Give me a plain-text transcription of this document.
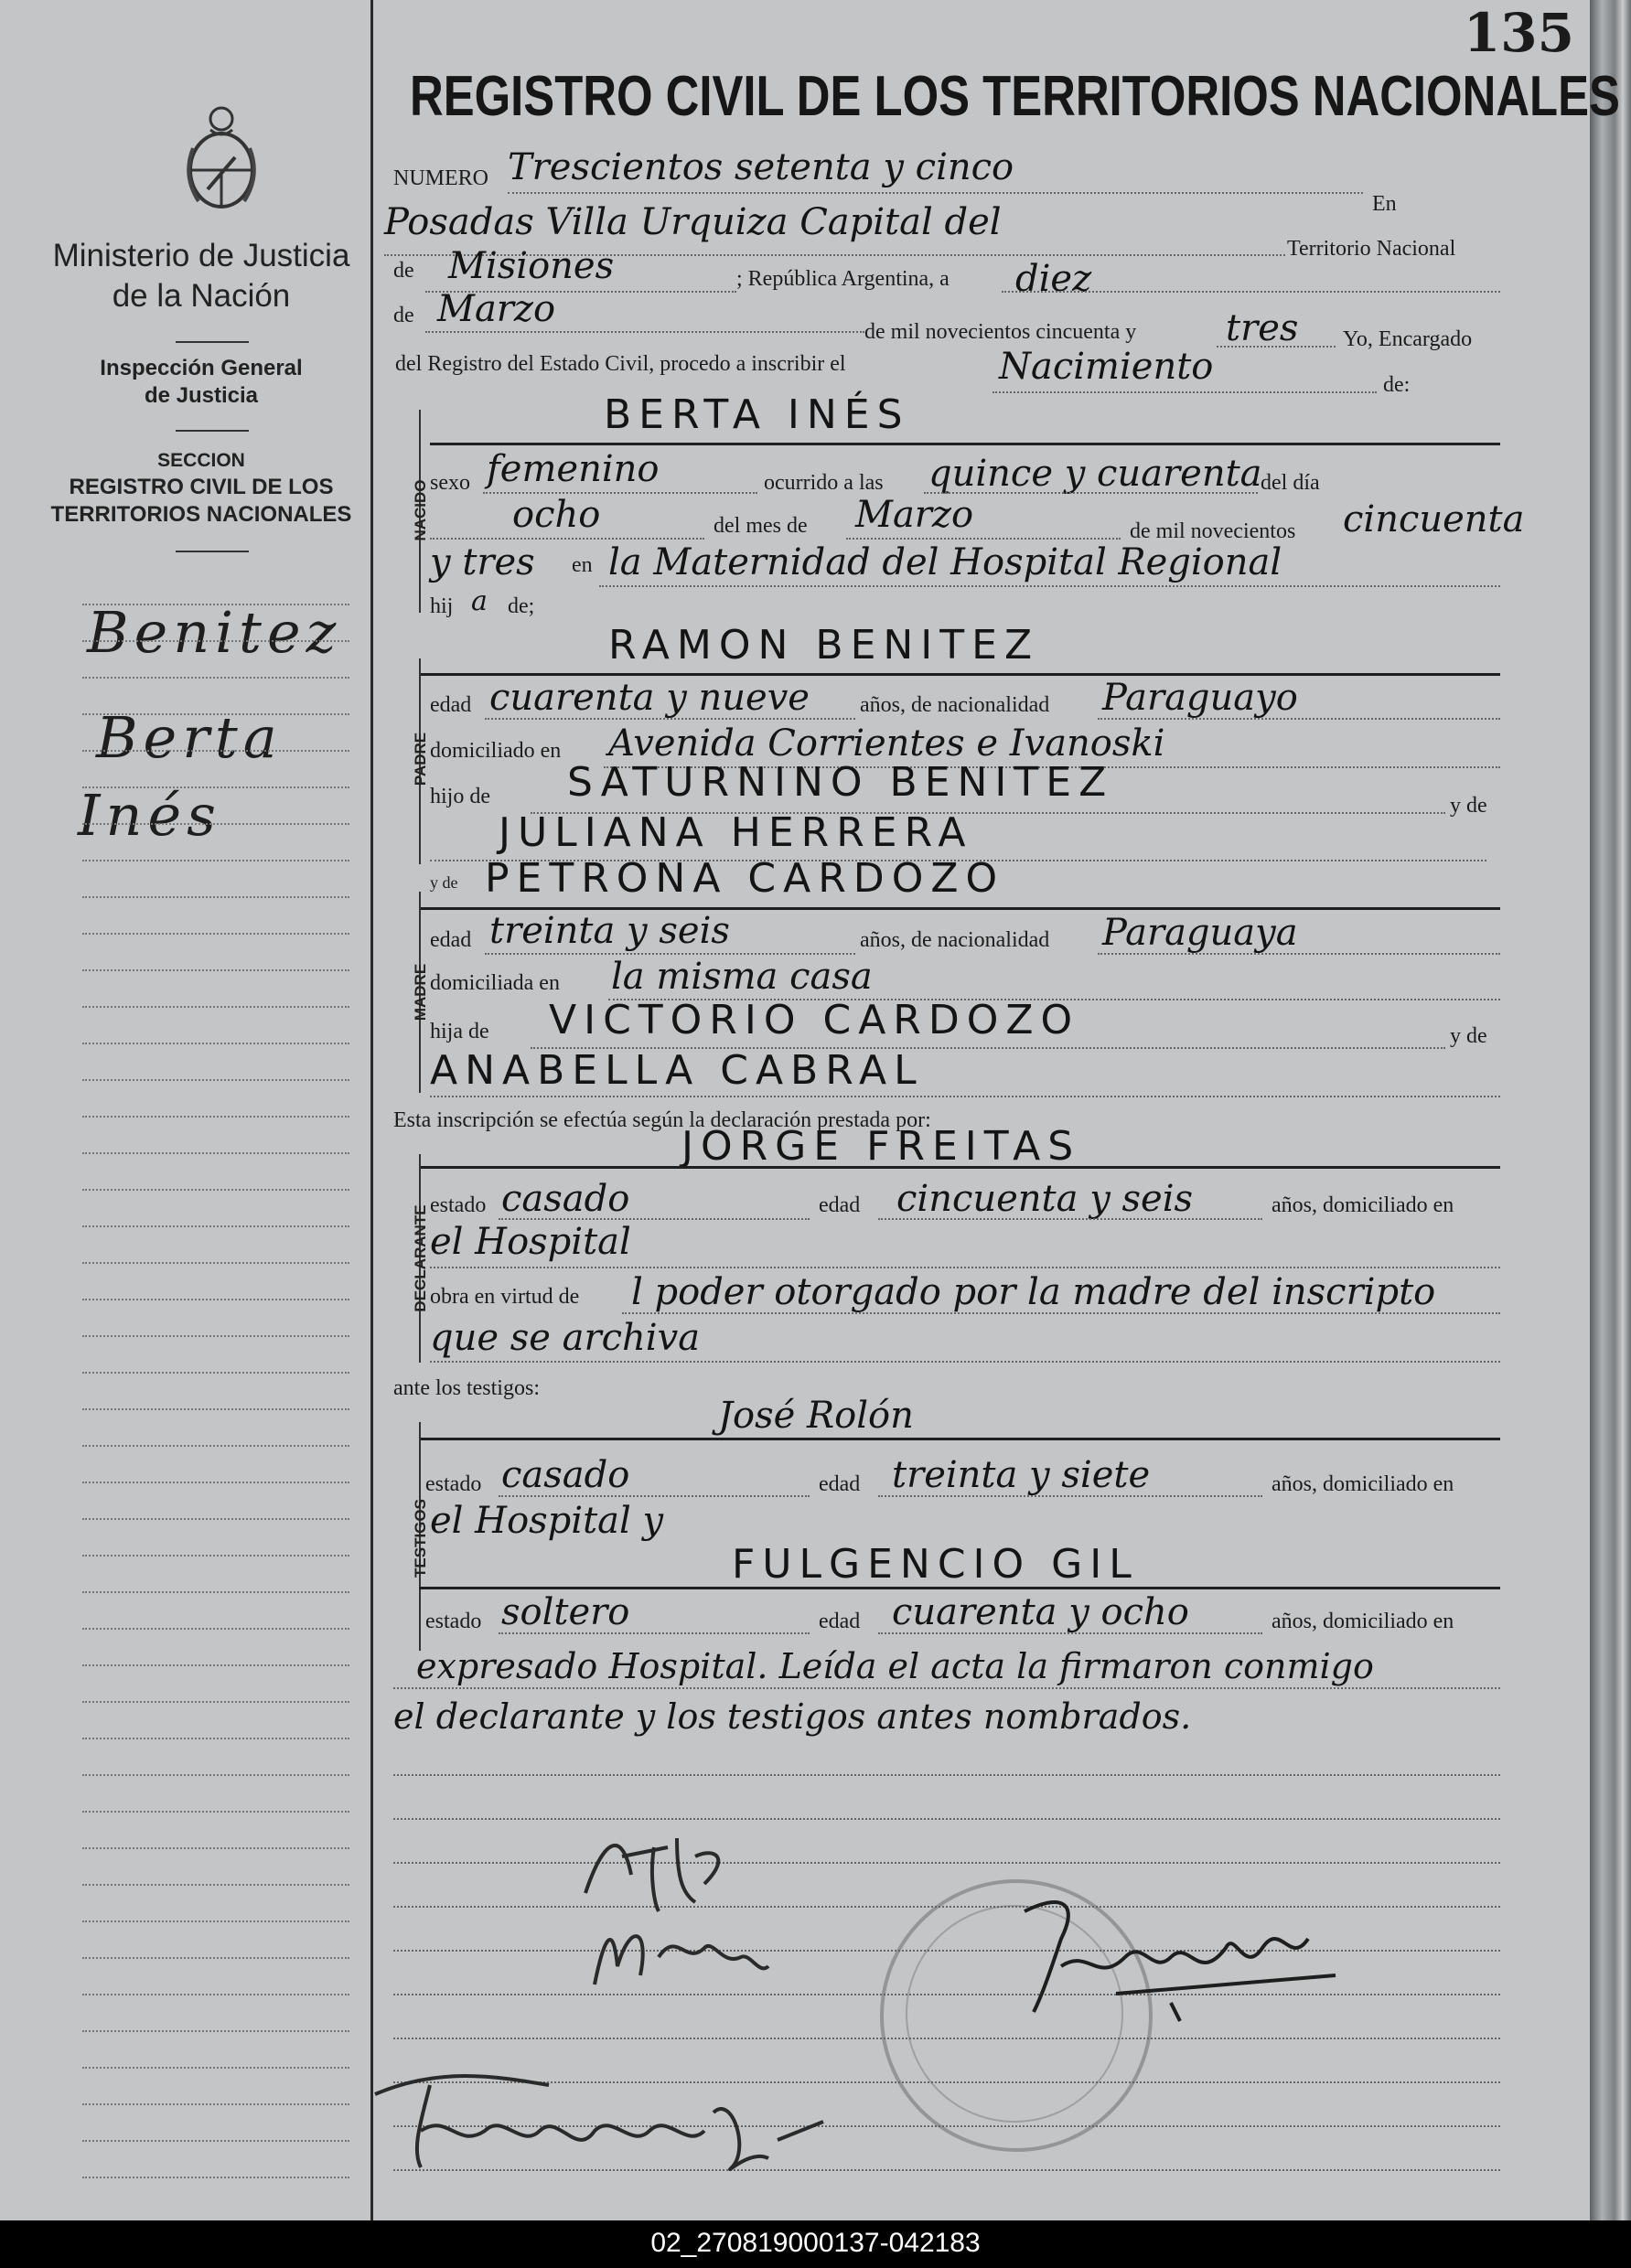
02_270819000137-042183
Ministerio de Justicia
de la Nación
Inspección General
de Justicia
SECCION
REGISTRO CIVIL DE LOS
TERRITORIOS NACIONALES
Benitez
Berta
Inés
135
REGISTRO CIVIL DE LOS TERRITORIOS NACIONALES
NUMERO Trescientos setenta y cinco
En
Posadas Villa Urquiza Capital del
Territorio Nacional
de Misiones	; República Argentina, a diez
de Marzo
de mil novecientos cincuenta y tres Yo, Encargado
del Registro del Estado Civil, procedo a inscribir el	Nacimiento	de:
NACIDO
BERTA INÉS
sexo femenino	ocurrido a las quince y cuarenta
del día
ocho	del mes de Marzo	de mil novecientos cincuenta
y tres en la Maternidad del Hospital Regional
hij a de;
RAMON BENITEZ
PADRE
edad cuarenta y nueve años, de nacionalidad Paraguayo
domiciliado en Avenida Corrientes e Ivanoski
hijo de SATURNINO BENITEZ	y de
JULIANA HERRERA
y de PETRONA CARDOZO
MADRE
edad treinta y seis	años, de nacionalidad Paraguaya
domiciliada en la misma casa
hija de VICTORIO CARDOZO	y de
ANABELLA CABRAL
Esta inscripción se efectúa según la declaración prestada por:
JORGE FREITAS
DECLARANTE estado casado	edad cincuenta y seis	años, domiciliado en
el Hospital
obra en virtud de l poder otorgado por la madre del inscripto
que se archiva
ante los testigos:
José Rolón
TESTIGOS
estado casado	edad treinta y siete	años, domiciliado en
el Hospital y
FULGENCIO GIL
estado soltero	edad cuarenta y ocho	años, domiciliado en
expresado Hospital. Leída el acta la firmaron conmigo
el declarante y los testigos antes nombrados.
